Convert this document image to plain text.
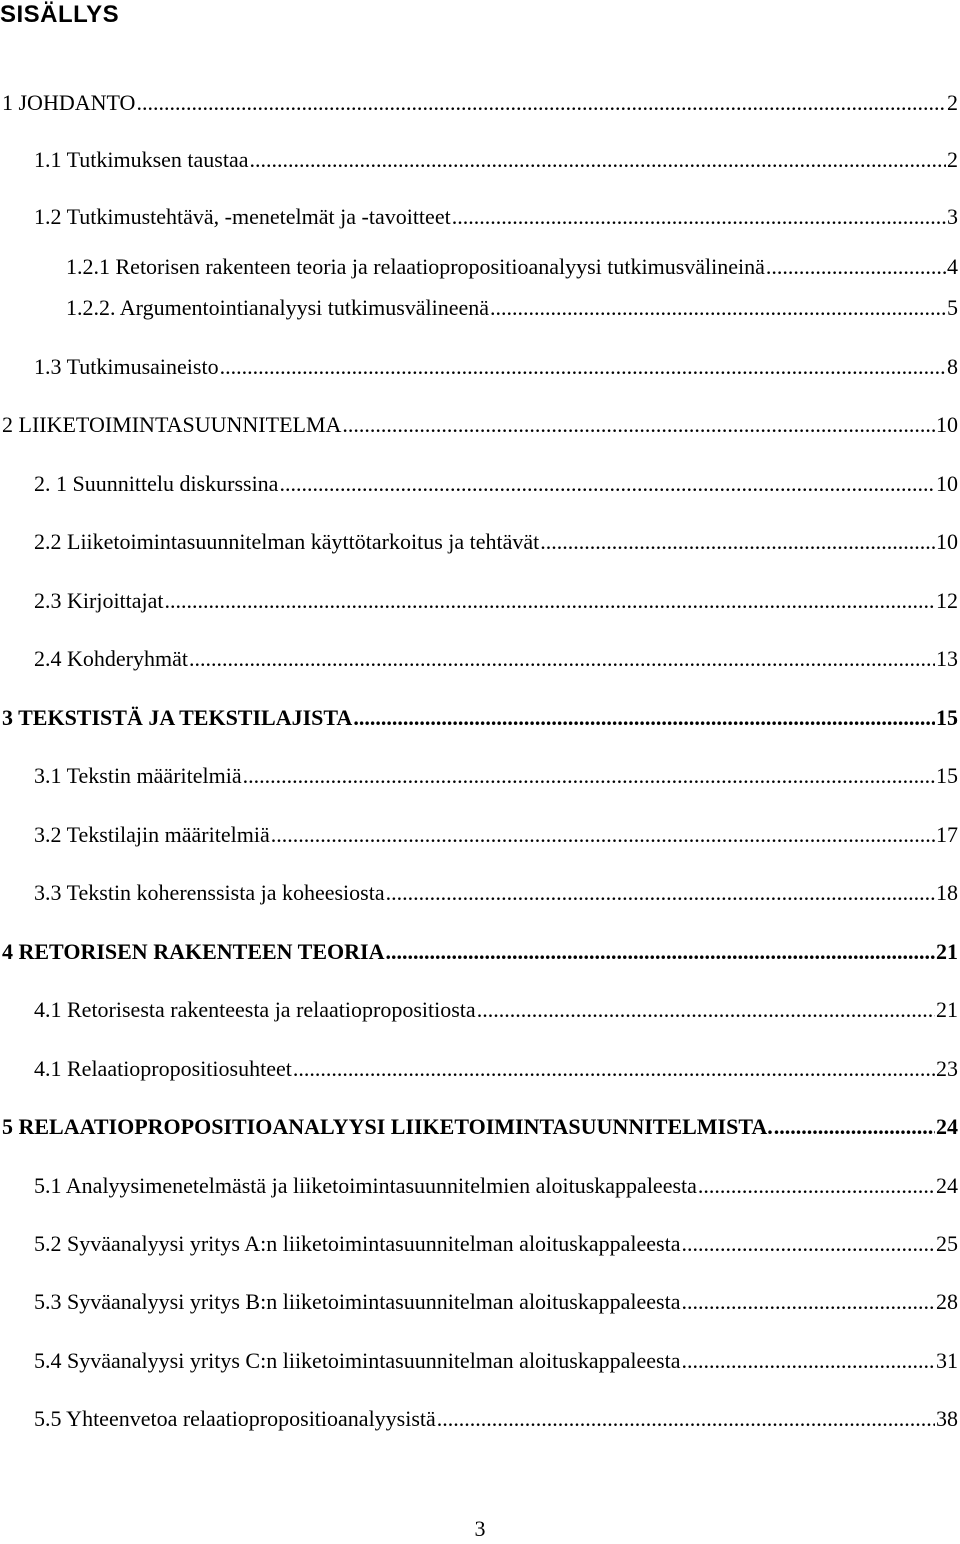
SISÄLLYS
1 JOHDANTO .....	2
1.1 Tutkimuksen taustaa .....	2
1.2 Tutkimustehtävä, -menetelmät ja -tavoitteet .....	3
1.2.1 Retorisen rakenteen teoria ja relaatiopropositioanalyysi tutkimusvälineinä .....	4
1.2.2. Argumentointianalyysi tutkimusvälineenä .....	5
1.3 Tutkimusaineisto .....	8
2 LIIKETOIMINTASUUNNITELMA .....	10
2. 1 Suunnittelu diskurssina .....	10
2.2 Liiketoimintasuunnitelman käyttötarkoitus ja tehtävät .....	10
2.3 Kirjoittajat .....	12
2.4 Kohderyhmät .....	13
3 TEKSTISTÄ JA TEKSTILAJISTA .....	15
3.1 Tekstin määritelmiä .....	15
3.2 Tekstilajin määritelmiä .....	17
3.3 Tekstin koherenssista ja koheesiosta .....	18
4 RETORISEN RAKENTEEN TEORIA .....	21
4.1 Retorisesta rakenteesta ja relaatiopropositiosta .....	21
4.1 Relaatiopropositiosuhteet .....	23
5 RELAATIOPROPOSITIOANALYYSI LIIKETOIMINTASUUNNITELMISTA. .....	24
5.1 Analyysimenetelmästä ja liiketoimintasuunnitelmien aloituskappaleesta .....	24
5.2 Syväanalyysi yritys A:n liiketoimintasuunnitelman aloituskappaleesta .....	25
5.3 Syväanalyysi yritys B:n liiketoimintasuunnitelman aloituskappaleesta .....	28
5.4 Syväanalyysi yritys C:n liiketoimintasuunnitelman aloituskappaleesta .....	31
5.5 Yhteenvetoa relaatiopropositioanalyysistä .....	38
3
